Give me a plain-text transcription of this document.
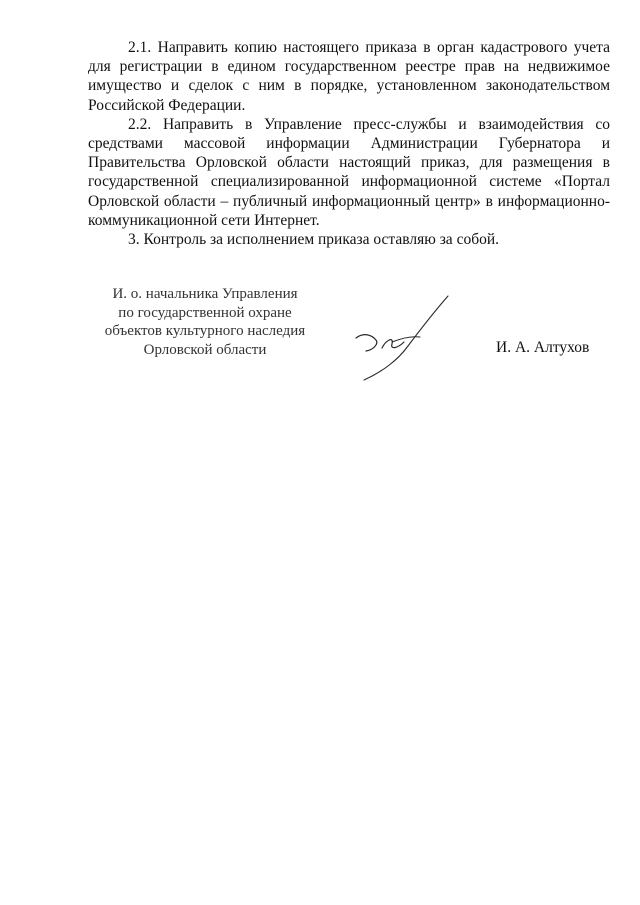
2.1. Направить копию настоящего приказа в орган кадастрового учета для регистрации в едином государственном реестре прав на недвижимое имущество и сделок с ним в порядке, установленном законодательством Российской Федерации.

2.2. Направить в Управление пресс-службы и взаимодействия со средствами массовой информации Администрации Губернатора и Правительства Орловской области настоящий приказ, для размещения в государственной специализированной информационной системе «Портал Орловской области – публичный информационный центр» в информационно-коммуникационной сети Интернет.

3. Контроль за исполнением приказа оставляю за собой.

И. о. начальника Управления
по государственной охране
объектов культурного наследия
Орловской области	И. А. Алтухов
